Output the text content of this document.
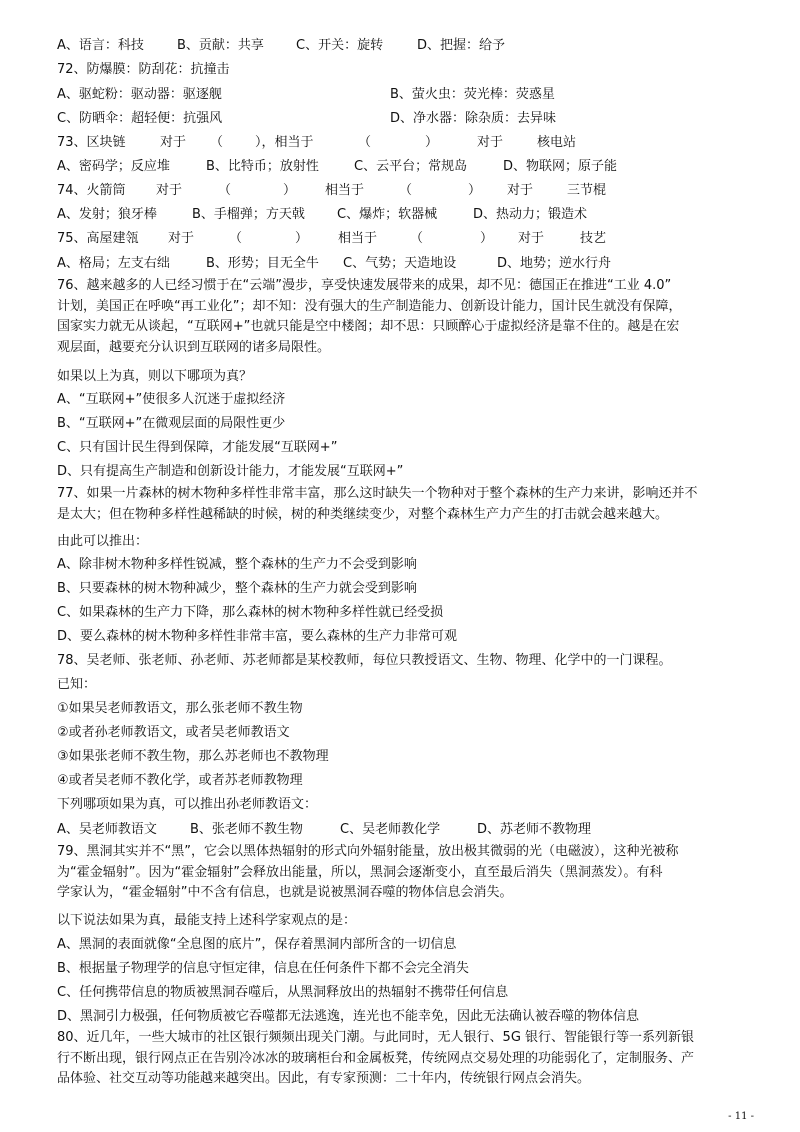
A、语言：科技	B、贡献：共享 C、开关：旋转	D、把握：给予
72、防爆膜：防刮花：抗撞击
A、驱蛇粉：驱动器：驱逐舰	B、萤火虫：荧光棒：荧惑星
C、防晒伞：超轻便：抗强风	D、净水器：除杂质：去异味
73、区块链	对于 （ ），相当于	（	）	对于	核电站
A、密码学；反应堆	B、比特币；放射性	C、云平台；常规岛	D、物联网；原子能
74、火箭筒 对于	（	） 相当于	（	） 对于	三节棍
A、发射；狼牙棒	B、手榴弹；方天戟 C、爆炸；软器械	D、热动力；锻造术
75、高屋建瓴 对于	（	） 相当于	（	） 对于	技艺
A、格局；左支右绌	B、形势；目无全牛 C、气势；天造地设	D、地势；逆水行舟
76、越来越多的人已经习惯于在“云端”漫步，享受快速发展带来的成果，却不见：德国正在推进“工业 4.0”
计划，美国正在呼唤“再工业化”；却不知：没有强大的生产制造能力、创新设计能力，国计民生就没有保障，
国家实力就无从谈起，“互联网+”也就只能是空中楼阁；却不思：只顾醉心于虚拟经济是靠不住的。越是在宏
观层面，越要充分认识到互联网的诸多局限性。
如果以上为真，则以下哪项为真？
A、“互联网+”使很多人沉迷于虚拟经济
B、“互联网+”在微观层面的局限性更少
C、只有国计民生得到保障，才能发展“互联网+”
D、只有提高生产制造和创新设计能力，才能发展“互联网+”
77、如果一片森林的树木物种多样性非常丰富，那么这时缺失一个物种对于整个森林的生产力来讲，影响还并不
是太大；但在物种多样性越稀缺的时候，树的种类继续变少，对整个森林生产力产生的打击就会越来越大。
由此可以推出：
A、除非树木物种多样性锐减，整个森林的生产力不会受到影响
B、只要森林的树木物种减少，整个森林的生产力就会受到影响
C、如果森林的生产力下降，那么森林的树木物种多样性就已经受损
D、要么森林的树木物种多样性非常丰富，要么森林的生产力非常可观
78、吴老师、张老师、孙老师、苏老师都是某校教师，每位只教授语文、生物、物理、化学中的一门课程。
已知：
①如果吴老师教语文，那么张老师不教生物
②或者孙老师教语文，或者吴老师教语文
③如果张老师不教生物，那么苏老师也不教物理
④或者吴老师不教化学，或者苏老师教物理
下列哪项如果为真，可以推出孙老师教语文：
A、吴老师教语文	B、张老师不教生物	C、吴老师教化学	D、苏老师不教物理
79、黑洞其实并不“黑”，它会以黑体热辐射的形式向外辐射能量，放出极其微弱的光（电磁波），这种光被称
为“霍金辐射”。因为“霍金辐射”会释放出能量，所以，黑洞会逐渐变小，直至最后消失（黑洞蒸发）。有科
学家认为，“霍金辐射”中不含有信息，也就是说被黑洞吞噬的物体信息会消失。
以下说法如果为真，最能支持上述科学家观点的是：
A、黑洞的表面就像“全息图的底片”，保存着黑洞内部所含的一切信息
B、根据量子物理学的信息守恒定律，信息在任何条件下都不会完全消失
C、任何携带信息的物质被黑洞吞噬后，从黑洞释放出的热辐射不携带任何信息
D、黑洞引力极强，任何物质被它吞噬都无法逃逸，连光也不能幸免，因此无法确认被吞噬的物体信息
80、近几年，一些大城市的社区银行频频出现关门潮。与此同时，无人银行、5G 银行、智能银行等一系列新银
行不断出现，银行网点正在告别冷冰冰的玻璃柜台和金属板凳，传统网点交易处理的功能弱化了，定制服务、产
品体验、社交互动等功能越来越突出。因此，有专家预测：二十年内，传统银行网点会消失。
- 11 -
